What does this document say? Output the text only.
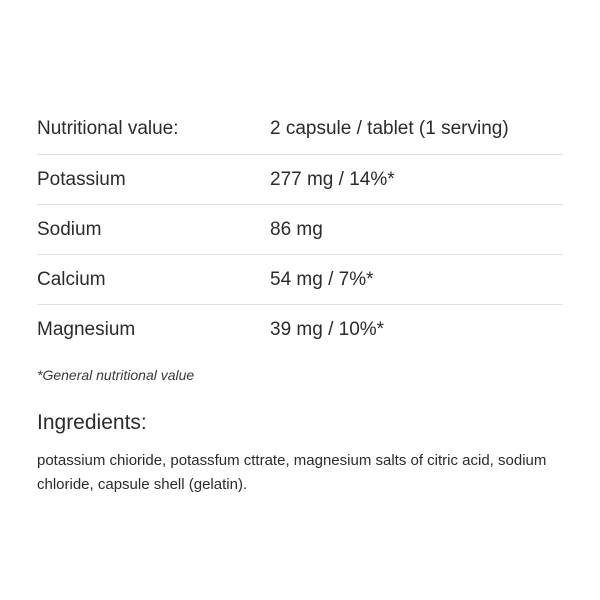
Nutritional value:	2 capsule / tablet (1 serving)
Potassium	277 mg / 14%*
Sodium	86 mg
Calcium	54 mg / 7%*
Magnesium	39 mg / 10%*
*General nutritional value
Ingredients:
potassium chioride, potassfum cttrate, magnesium salts of citric acid, sodium chloride, capsule shell (gelatin).
